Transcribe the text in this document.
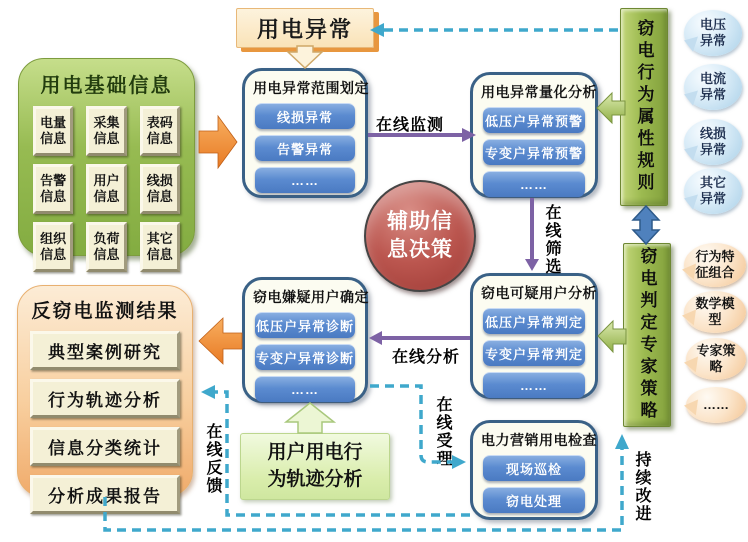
用电异常
用电基础信息
电量信息
采集信息
表码信息
告警信息
用户信息
线损信息
组织信息
负荷信息
其它信息
用电异常范围划定
线损异常
告警异常
……
用电异常量化分析
低压户异常预警
专变户异常预警
……
窃电可疑用户分析
低压户异常判定
专变户异常判定
……
窃电嫌疑用户确定
低压户异常诊断
专变户异常诊断
……
电力营销用电检查
现场巡检
窃电处理
反窃电监测结果
典型案例研究
行为轨迹分析
信息分类统计
分析成果报告
辅助信息决策
窃电行为属性规则
窃电判定专家策略
电压异常
电流异常
线损异常
其它异常
行为特征组合
数学模型
专家策略
……
用户用电行为轨迹分析
在线监测
在线筛选
在线分析
在线受理
在线反馈	持续改进
